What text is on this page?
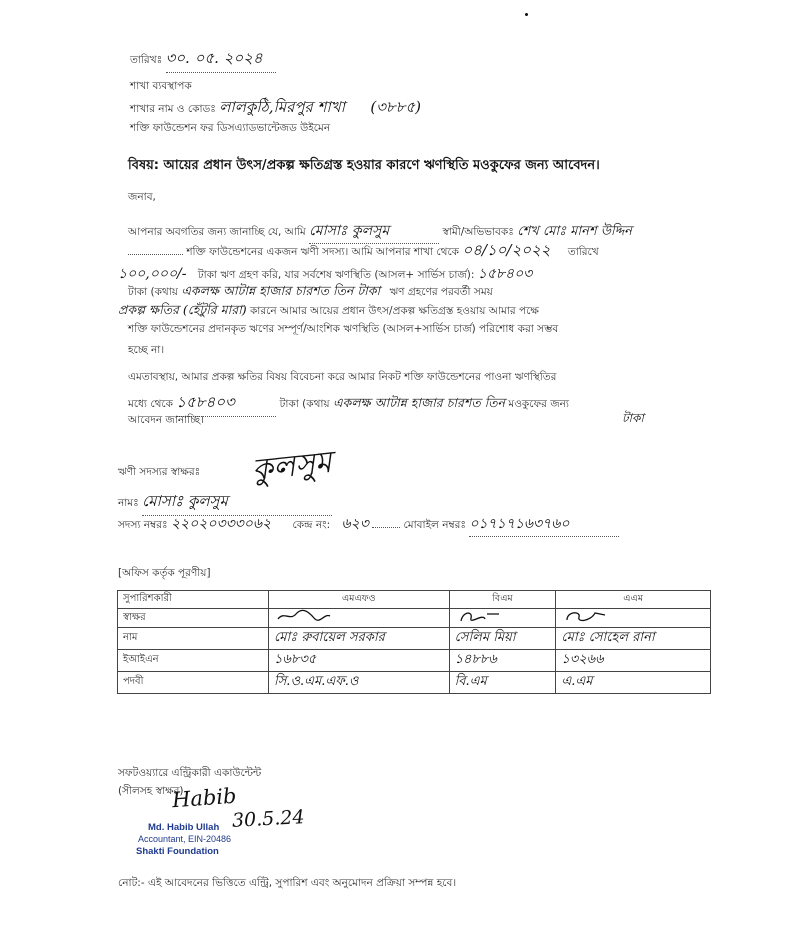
তারিখঃ ৩০. ০৫. ২০২৪
শাখা ব্যবস্থাপক
শাখার নাম ও কোডঃ লালকুঠি,মিরপুর শাখা (৩৮৮৫)
শক্তি ফাউন্ডেশন ফর ডিসএ্যাডভান্টেজড উইমেন
বিষয়: আয়ের প্রধান উৎস/প্রকল্প ক্ষতিগ্রস্ত হওয়ার কারণে ঋণস্থিতি মওকুফের জন্য আবেদন।
জনাব,
আপনার অবগতির জন্য জানাচ্ছি যে, আমি মোসাঃ কুলসুম	স্বামী/অভিভাবকঃ শেখ মোঃ মানশ উদ্দিন
শক্তি ফাউন্ডেশনের একজন ঋণী সদস্য। আমি আপনার শাখা থেকে ০৪/১০/২০২২ তারিখে
১০০,০০০/- টাকা ঋণ গ্রহণ করি, যার সর্বশেষ ঋণস্থিতি (আসল+ সার্ভিস চার্জ): ১৫৮৪০৩
টাকা (কথায় একলক্ষ আটান্ন হাজার চারশত তিন টাকা ঋণ গ্রহণের পরবর্তী সময়
প্রকল্প ক্ষতির (হেঁটুরি মারা) কারনে আমার আয়ের প্রধান উৎস/প্রকল্প ক্ষতিগ্রস্ত হওয়ায় আমার পক্ষে
শক্তি ফাউন্ডেশনের প্রদানকৃত ঋণের সম্পূর্ণ/আংশিক ঋণস্থিতি (আসল+সার্ভিস চার্জ) পরিশোধ করা সম্ভব
হচ্ছে না।
এমতাবস্থায়, আমার প্রকল্প ক্ষতির বিষয় বিবেচনা করে আমার নিকট শক্তি ফাউন্ডেশনের পাওনা ঋণস্থিতির
মধ্যে থেকে ১৫৮৪০৩	টাকা (কথায় একলক্ষ আটান্ন হাজার চারশত তিন মওকুফের জন্য
আবেদন জানাচ্ছি।	টাকা
ঋণী সদস্যর স্বাক্ষরঃ কুলসুম
নামঃ মোসাঃ কুলসুম
সদস্য নম্বরঃ ২২০২০৩৩৩০৬২ কেন্দ্র নং: ৬২৩	মোবাইল নম্বরঃ ০১৭১৭১৬৩৭৬০
[অফিস কর্তৃক পূরণীয়]
সুপারিশকারী	এমএফও	বিএম	এএম
স্বাক্ষর			
নাম	মোঃ রুবায়েল সরকার	সেলিম মিয়া	মোঃ সোহেল রানা
ইআইএন	১৬৮৩৫	১৪৮৮৬	১৩২৬৬
পদবী	সি.ও.এম.এফ.ও	বি.এম	এ.এম
সফটওয়্যারে এন্ট্রিকারী একাউন্টেন্ট
(সীলসহ স্বাক্ষর)
Habib
30.5.24
Md. Habib Ullah
Accountant, EIN-20486
Shakti Foundation
নোট:- এই আবেদনের ভিত্তিতে এন্ট্রি, সুপারিশ এবং অনুমোদন প্রক্রিয়া সম্পন্ন হবে।
